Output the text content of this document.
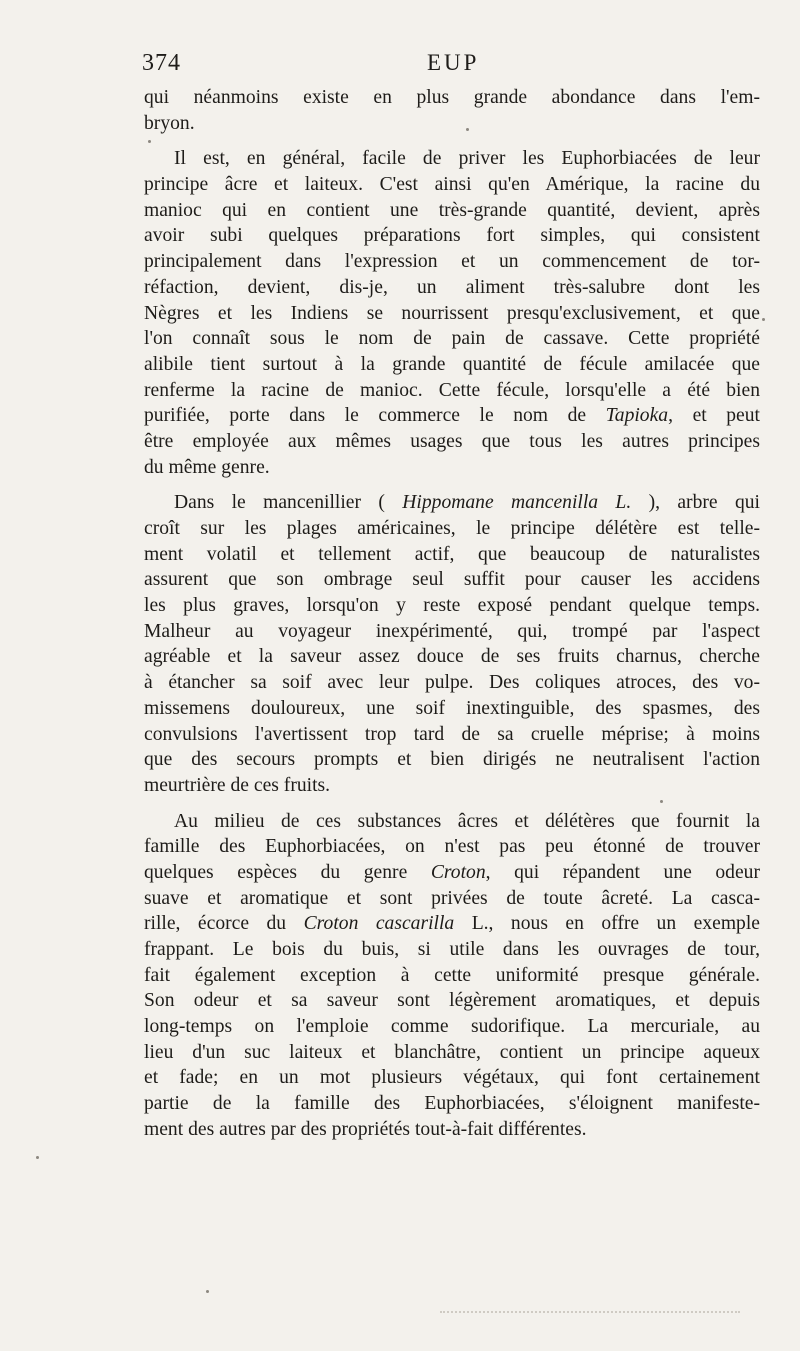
374	EUP
qui néanmoins existe en plus grande abondance dans l'em-
bryon.
Il est, en général, facile de priver les Euphorbiacées de leur
principe âcre et laiteux. C'est ainsi qu'en Amérique, la racine du
manioc qui en contient une très-grande quantité, devient, après
avoir subi quelques préparations fort simples, qui consistent
principalement dans l'expression et un commencement de tor-
réfaction, devient, dis-je, un aliment très-salubre dont les
Nègres et les Indiens se nourrissent presqu'exclusivement, et que
l'on connaît sous le nom de pain de cassave. Cette propriété
alibile tient surtout à la grande quantité de fécule amilacée que
renferme la racine de manioc. Cette fécule, lorsqu'elle a été bien
purifiée, porte dans le commerce le nom de Tapioka, et peut
être employée aux mêmes usages que tous les autres principes
du même genre.
Dans le mancenillier ( Hippomane mancenilla L. ), arbre qui
croît sur les plages américaines, le principe délétère est telle-
ment volatil et tellement actif, que beaucoup de naturalistes
assurent que son ombrage seul suffit pour causer les accidens
les plus graves, lorsqu'on y reste exposé pendant quelque temps.
Malheur au voyageur inexpérimenté, qui, trompé par l'aspect
agréable et la saveur assez douce de ses fruits charnus, cherche
à étancher sa soif avec leur pulpe. Des coliques atroces, des vo-
missemens douloureux, une soif inextinguible, des spasmes, des
convulsions l'avertissent trop tard de sa cruelle méprise; à moins
que des secours prompts et bien dirigés ne neutralisent l'action
meurtrière de ces fruits.
Au milieu de ces substances âcres et délétères que fournit la
famille des Euphorbiacées, on n'est pas peu étonné de trouver
quelques espèces du genre Croton, qui répandent une odeur
suave et aromatique et sont privées de toute âcreté. La casca-
rille, écorce du Croton cascarilla L., nous en offre un exemple
frappant. Le bois du buis, si utile dans les ouvrages de tour,
fait également exception à cette uniformité presque générale.
Son odeur et sa saveur sont légèrement aromatiques, et depuis
long-temps on l'emploie comme sudorifique. La mercuriale, au
lieu d'un suc laiteux et blanchâtre, contient un principe aqueux
et fade; en un mot plusieurs végétaux, qui font certainement
partie de la famille des Euphorbiacées, s'éloignent manifeste-
ment des autres par des propriétés tout-à-fait différentes.
